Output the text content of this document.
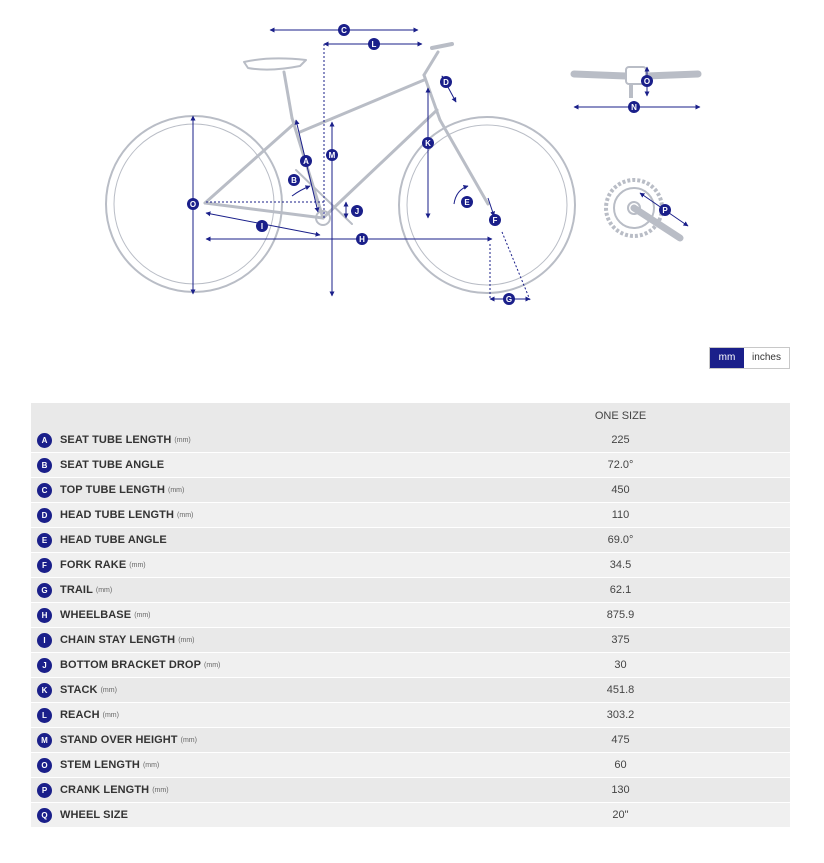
C
L
D
M
K
A
B
O
J
E
F
I
H
G
O
N
P
mm	inches
	ONE SIZE

A SEAT TUBE LENGTH (mm)	225

B SEAT TUBE ANGLE	72.0°

C TOP TUBE LENGTH (mm)	450

D HEAD TUBE LENGTH (mm)	110

E HEAD TUBE ANGLE	69.0°

F FORK RAKE (mm)	34.5

G TRAIL (mm)	62.1

H WHEELBASE (mm)	875.9

I CHAIN STAY LENGTH (mm)	375

J BOTTOM BRACKET DROP (mm)	30

K STACK (mm)	451.8

L REACH (mm)	303.2

M STAND OVER HEIGHT (mm)	475

O STEM LENGTH (mm)	60

P CRANK LENGTH (mm)	130

Q WHEEL SIZE	20"
